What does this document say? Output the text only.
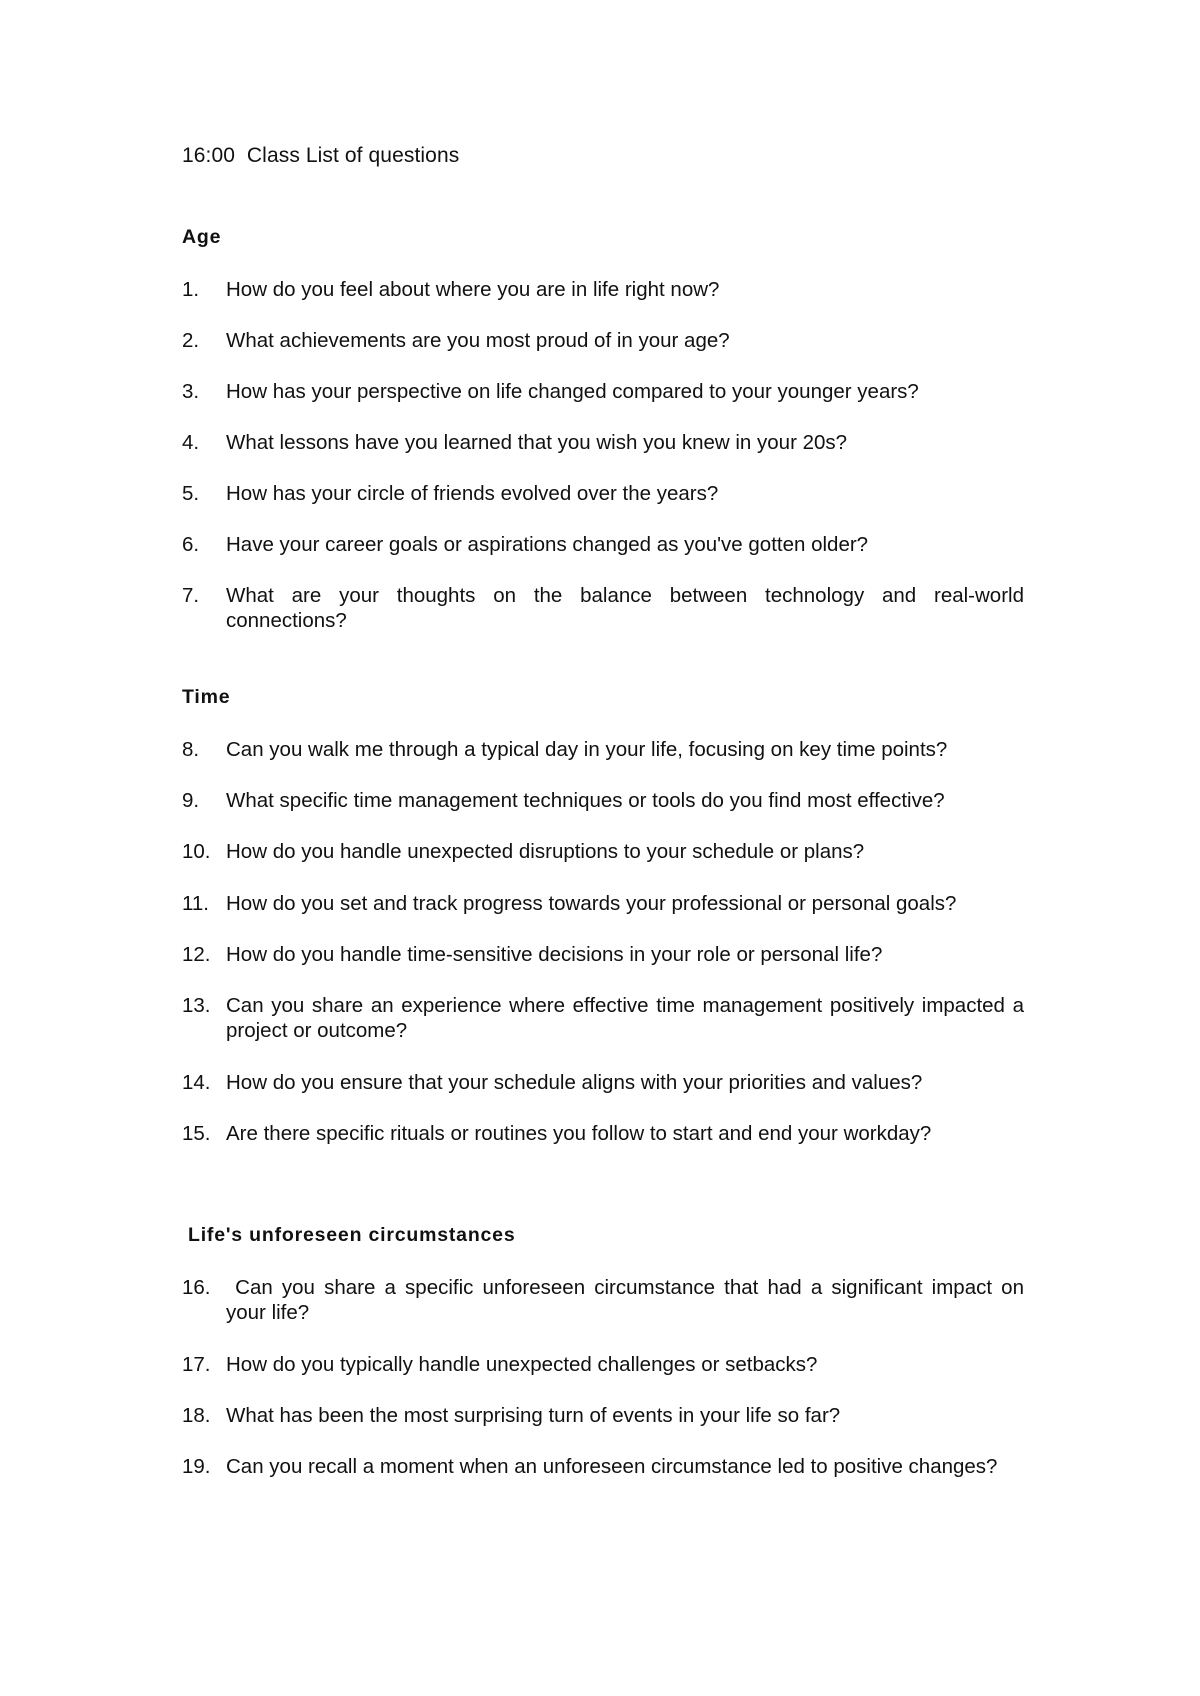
16:00  Class List of questions
Age
1. How do you feel about where you are in life right now?
2. What achievements are you most proud of in your age?
3. How has your perspective on life changed compared to your younger years?
4. What lessons have you learned that you wish you knew in your 20s?
5. How has your circle of friends evolved over the years?
6. Have your career goals or aspirations changed as you've gotten older?
7. What are your thoughts on the balance between technology and real-world connections?
Time
8. Can you walk me through a typical day in your life, focusing on key time points?
9. What specific time management techniques or tools do you find most effective?
10. How do you handle unexpected disruptions to your schedule or plans?
11. How do you set and track progress towards your professional or personal goals?
12. How do you handle time-sensitive decisions in your role or personal life?
13. Can you share an experience where effective time management positively impacted a project or outcome?
14. How do you ensure that your schedule aligns with your priorities and values?
15. Are there specific rituals or routines you follow to start and end your workday?
Life's unforeseen circumstances
16. Can you share a specific unforeseen circumstance that had a significant impact on your life?
17. How do you typically handle unexpected challenges or setbacks?
18. What has been the most surprising turn of events in your life so far?
19. Can you recall a moment when an unforeseen circumstance led to positive changes?
